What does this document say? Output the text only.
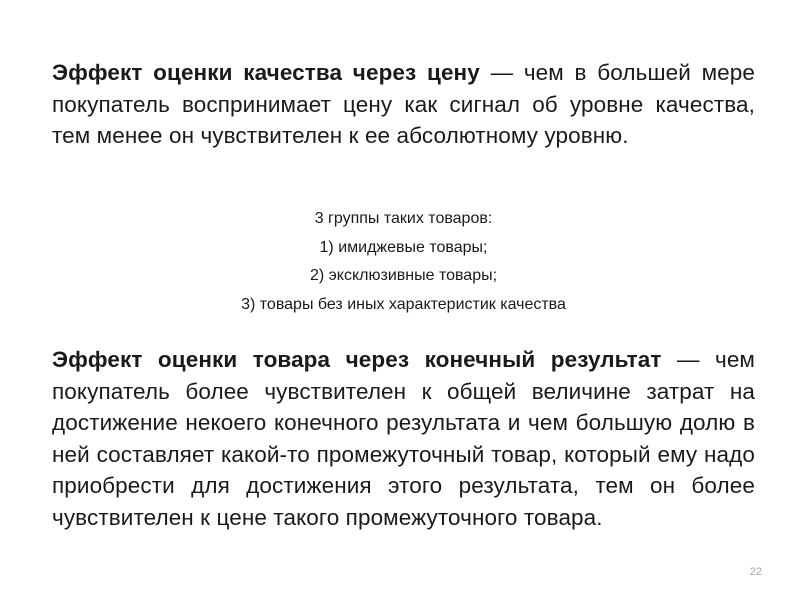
Эффект оценки качества через цену — чем в большей мере покупатель воспринимает цену как сигнал об уровне качества, тем менее он чувствителен к ее абсолютному уровню.

3 группы таких товаров:
1) имиджевые товары;
2) эксклюзивные товары;
3) товары без иных характеристик качества

Эффект оценки товара через конечный результат — чем покупатель более чувствителен к общей величине затрат на достижение некоего конечного результата и чем большую долю в ней составляет какой-то промежуточный товар, который ему надо приобрести для достижения этого результата, тем он более чувствителен к цене такого промежуточного товара.

22
